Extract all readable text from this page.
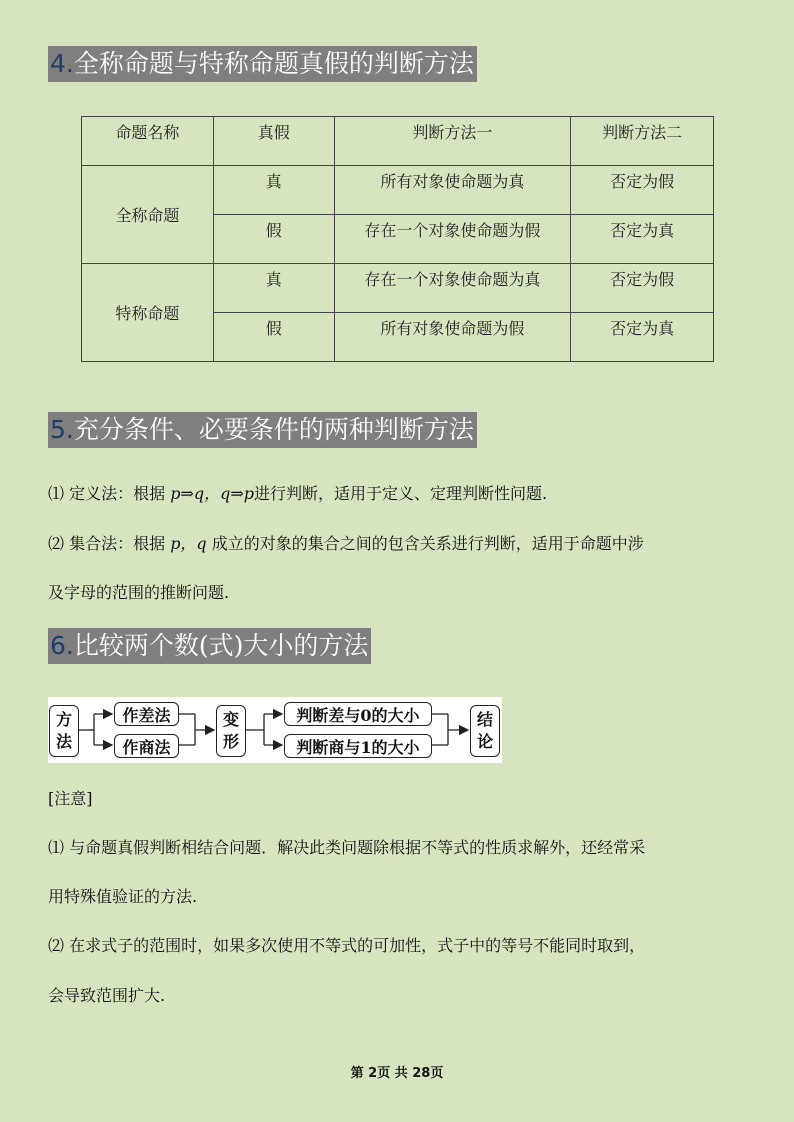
4.全称命题与特称命题真假的判断方法
命题名称	真假	判断方法一	判断方法二
全称命题	真	所有对象使命题为真	否定为假
	假	存在一个对象使命题为假	否定为真
特称命题	真	存在一个对象使命题为真	否定为假
	假	所有对象使命题为假	否定为真
5.充分条件、必要条件的两种判断方法
⑴ 定义法：根据 p⇒q，q⇒p进行判断，适用于定义、定理判断性问题.
⑵ 集合法：根据 p，q 成立的对象的集合之间的包含关系进行判断，适用于命题中涉
及字母的范围的推断问题.
6.比较两个数(式)大小的方法
方
法
作差法
作商法
变
形
判断差与0的大小
判断商与1的大小
结
论
[注意]
⑴ 与命题真假判断相结合问题．解决此类问题除根据不等式的性质求解外，还经常采
用特殊值验证的方法.
⑵ 在求式子的范围时，如果多次使用不等式的可加性，式子中的等号不能同时取到，
会导致范围扩大.
第 2页 共 28页
